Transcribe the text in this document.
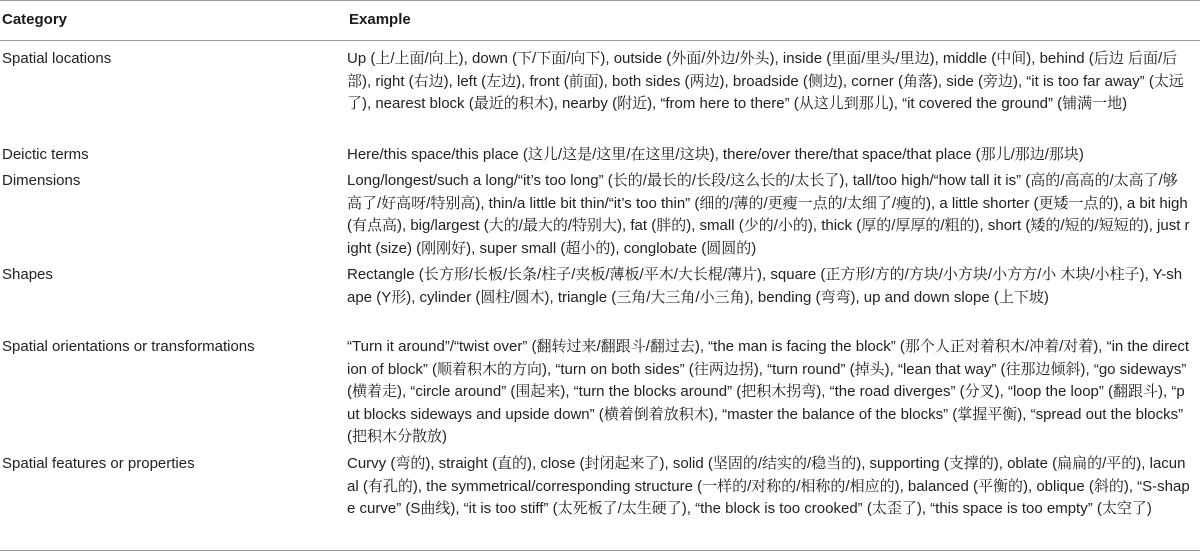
Category	Example
Spatial locations	Up (上/上面/向上), down (下/下面/向下), outside (外面/外边/外头), inside (里面/里头/里边), middle (中间), behind (后边 后面/后部), right (右边), left (左边), front (前面), both sides (两边), broadside (侧边), corner (角落), side (旁边), “it is too far away” (太远了), nearest block (最近的积木), nearby (附近), “from here to there” (从这儿到那儿), “it covered the ground” (铺满一地)
Deictic terms	Here/this space/this place (这儿/这是/这里/在这里/这块), there/over there/that space/that place (那儿/那边/那块)
Dimensions	Long/longest/such a long/“it’s too long” (长的/最长的/长段/这么长的/太长了), tall/too high/“how tall it is” (高的/高高的/太高了/够高了/好高呀/特别高), thin/a little bit thin/“it’s too thin” (细的/薄的/更瘦一点的/太细了/瘦的), a little shorter (更矮一点的), a bit high (有点高), big/largest (大的/最大的/特别大), fat (胖的), small (少的/小的), thick (厚的/厚厚的/粗的), short (矮的/短的/短短的), just right (size) (刚刚好), super small (超小的), conglobate (圆圆的)
Shapes	Rectangle (长方形/长板/长条/柱子/夹板/薄板/平木/大长棍/薄片), square (正方形/方的/方块/小方块/小方方/小 木块/小柱子), Y-shape (Y形), cylinder (圆柱/圆木), triangle (三角/大三角/小三角), bending (弯弯), up and down slope (上下坡)
Spatial orientations or transformations	“Turn it around”/“twist over” (翻转过来/翻跟斗/翻过去), “the man is facing the block” (那个人正对着积木/冲着/对着), “in the direction of block” (顺着积木的方向), “turn on both sides” (往两边拐), “turn round” (掉头), “lean that way” (往那边倾斜), “go sideways” (横着走), “circle around” (围起来), “turn the blocks around” (把积木拐弯), “the road diverges” (分叉), “loop the loop” (翻跟斗), “put blocks sideways and upside down” (横着倒着放积木), “master the balance of the blocks” (掌握平衡), “spread out the blocks” (把积木分散放)
Spatial features or properties	Curvy (弯的), straight (直的), close (封闭起来了), solid (坚固的/结实的/稳当的), supporting (支撑的), oblate (扁扁的/平的), lacunal (有孔的), the symmetrical/corresponding structure (一样的/对称的/相称的/相应的), balanced (平衡的), oblique (斜的), “S-shape curve” (S曲线), “it is too stiff” (太死板了/太生硬了), “the block is too crooked” (太歪了), “this space is too empty” (太空了)
